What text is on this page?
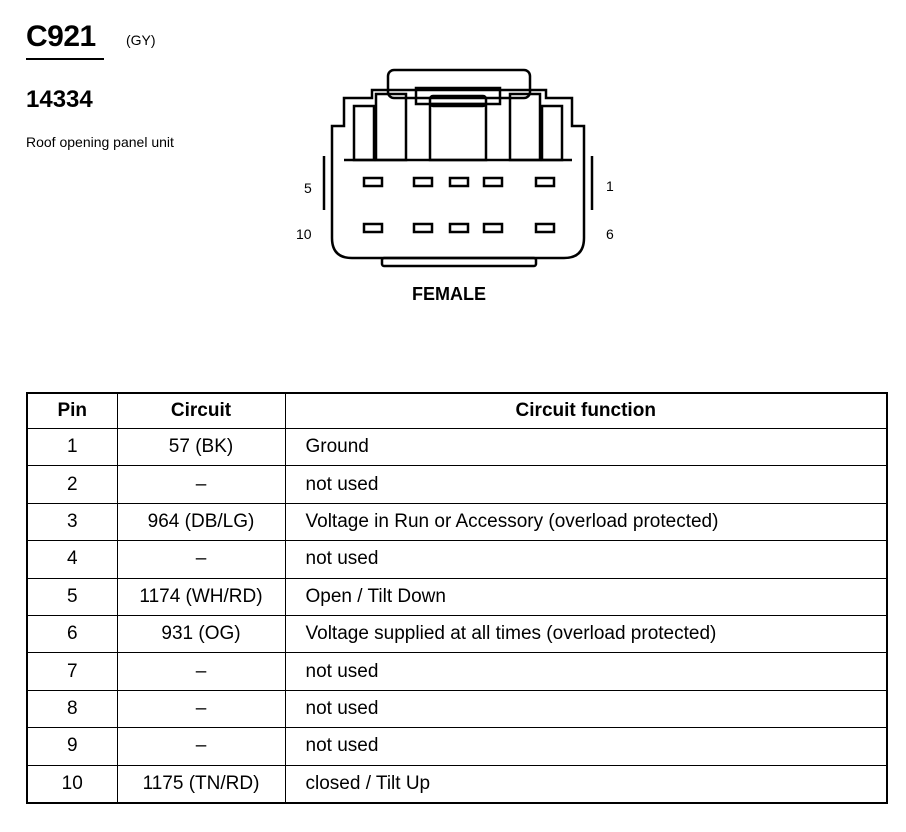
C921 (GY)
14334
Roof opening panel unit
5	1
10	6
FEMALE
Pin	Circuit	Circuit function
1	57 (BK)	Ground
2	–	not used
3	964 (DB/LG)	Voltage in Run or Accessory (overload protected)
4	–	not used
5	1174 (WH/RD)	Open / Tilt Down
6	931 (OG)	Voltage supplied at all times (overload protected)
7	–	not used
8	–	not used
9	–	not used
10	1175 (TN/RD)	closed / Tilt Up
